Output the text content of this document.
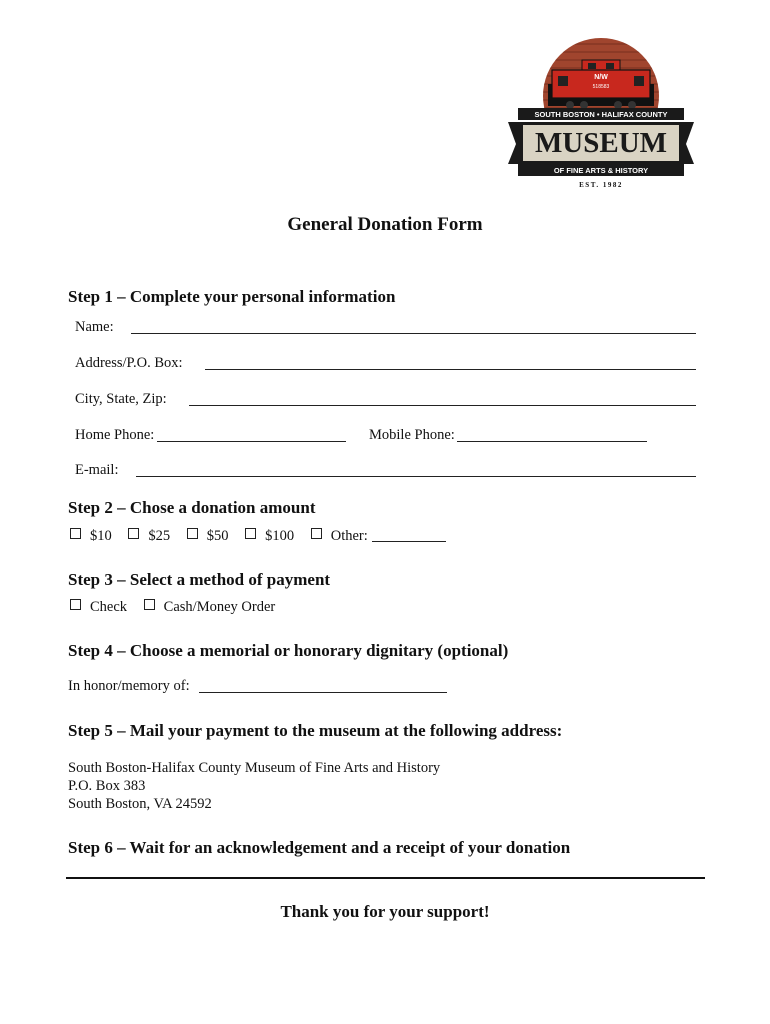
N/W
518583
SOUTH BOSTON • HALIFAX COUNTY
MUSEUM
OF FINE ARTS & HISTORY
EST. 1982
General Donation Form
Step 1 – Complete your personal information
Name:
Address/P.O. Box:
City, State, Zip:
Home Phone:	Mobile Phone:
E-mail:
Step 2 – Chose a donation amount
$10	$25	$50	$100	Other:
Step 3 – Select a method of payment
Check	Cash/Money Order
Step 4 – Choose a memorial or honorary dignitary (optional)
In honor/memory of:
Step 5 – Mail your payment to the museum at the following address:
South Boston-Halifax County Museum of Fine Arts and History
P.O. Box 383
South Boston, VA 24592
Step 6 – Wait for an acknowledgement and a receipt of your donation
Thank you for your support!
